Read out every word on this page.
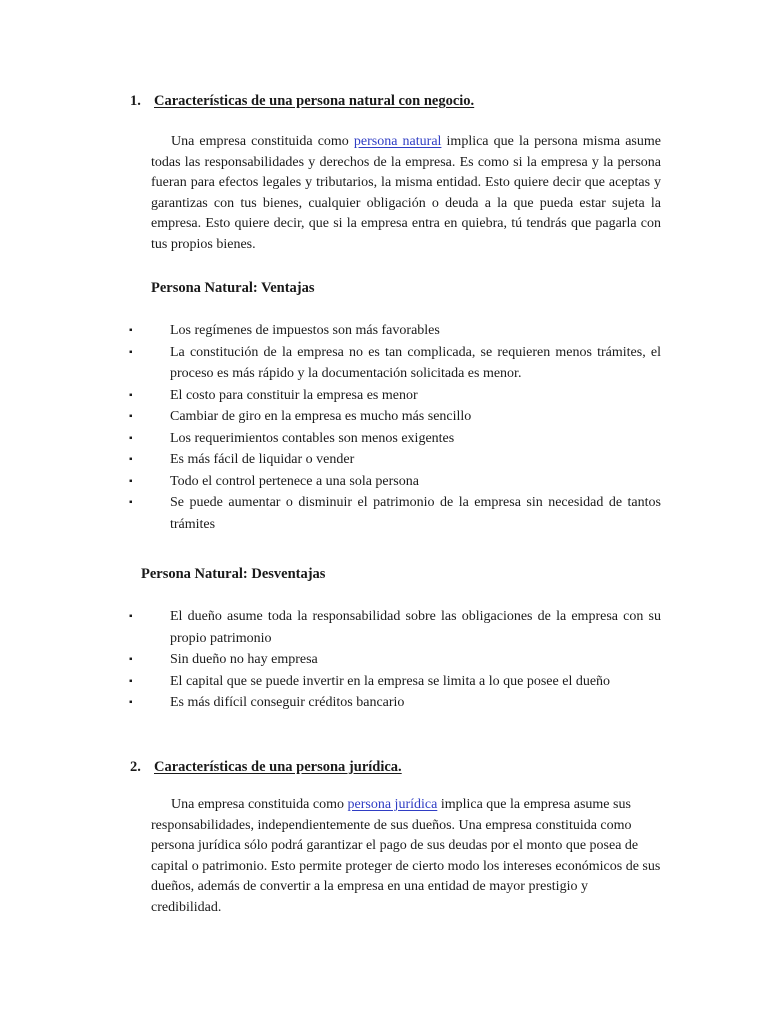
1. Características de una persona natural con negocio.

Una empresa constituida como persona natural implica que la persona misma asume todas las responsabilidades y derechos de la empresa. Es como si la empresa y la persona fueran para efectos legales y tributarios, la misma entidad. Esto quiere decir que aceptas y garantizas con tus bienes, cualquier obligación o deuda a la que pueda estar sujeta la empresa. Esto quiere decir, que si la empresa entra en quiebra, tú tendrás que pagarla con tus propios bienes.

Persona Natural: Ventajas
▪	Los regímenes de impuestos son más favorables
▪	La constitución de la empresa no es tan complicada, se requieren menos trámites, el proceso es más rápido y la documentación solicitada es menor.
▪	El costo para constituir la empresa es menor
▪	Cambiar de giro en la empresa es mucho más sencillo
▪	Los requerimientos contables son menos exigentes
▪	Es más fácil de liquidar o vender
▪	Todo el control pertenece a una sola persona
▪	Se puede aumentar o disminuir el patrimonio de la empresa sin necesidad de tantos trámites
Persona Natural: Desventajas
▪	El dueño asume toda la responsabilidad sobre las obligaciones de la empresa con su propio patrimonio
▪	Sin dueño no hay empresa
▪	El capital que se puede invertir en la empresa se limita a lo que posee el dueño
▪	Es más difícil conseguir créditos bancario
2. Características de una persona jurídica.

Una empresa constituida como persona jurídica implica que la empresa asume sus responsabilidades, independientemente de sus dueños. Una empresa constituida como persona jurídica sólo podrá garantizar el pago de sus deudas por el monto que posea de capital o patrimonio. Esto permite proteger de cierto modo los intereses económicos de sus dueños, además de convertir a la empresa en una entidad de mayor prestigio y credibilidad.
